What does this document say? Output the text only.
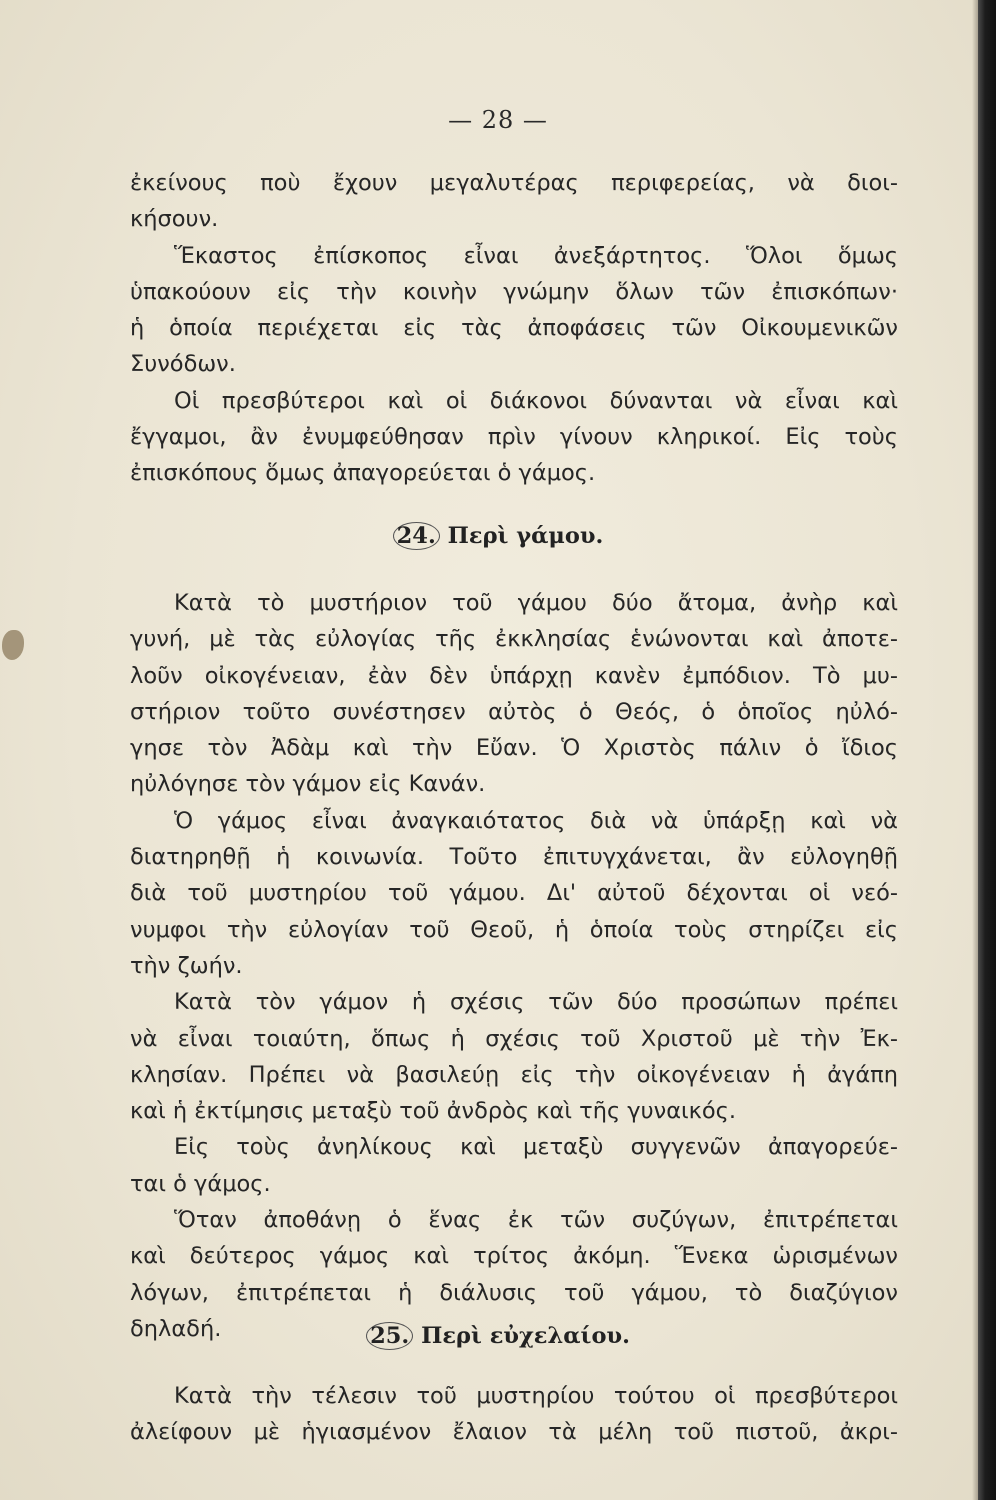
— 28 —
ἐκείνους ποὺ ἔχουν μεγαλυτέρας περιφερείας, νὰ διοι-
κήσουν.
Ἕκαστος ἐπίσκοπος εἶναι ἀνεξάρτητος. Ὅλοι ὅμως
ὑπακούουν εἰς τὴν κοινὴν γνώμην ὅλων τῶν ἐπισκόπων·
ἡ ὁποία περιέχεται εἰς τὰς ἀποφάσεις τῶν Οἰκουμενικῶν
Συνόδων.
Οἱ πρεσβύτεροι καὶ οἱ διάκονοι δύνανται νὰ εἶναι καὶ
ἔγγαμοι, ἂν ἐνυμφεύθησαν πρὶν γίνουν κληρικοί. Εἰς τοὺς
ἐπισκόπους ὅμως ἀπαγορεύεται ὁ γάμος.
24. Περὶ γάμου.
Κατὰ τὸ μυστήριον τοῦ γάμου δύο ἄτομα, ἀνὴρ καὶ
γυνή, μὲ τὰς εὐλογίας τῆς ἐκκλησίας ἑνώνονται καὶ ἀποτε-
λοῦν οἰκογένειαν, ἐὰν δὲν ὑπάρχῃ κανὲν ἐμπόδιον. Τὸ μυ-
στήριον τοῦτο συνέστησεν αὐτὸς ὁ Θεός, ὁ ὁποῖος ηὐλό-
γησε τὸν Ἀδὰμ καὶ τὴν Εὔαν. Ὁ Χριστὸς πάλιν ὁ ἴδιος
ηὐλόγησε τὸν γάμον εἰς Κανάν.
Ὁ γάμος εἶναι ἀναγκαιότατος διὰ νὰ ὑπάρξῃ καὶ νὰ
διατηρηθῇ ἡ κοινωνία. Τοῦτο ἐπιτυγχάνεται, ἂν εὐλογηθῇ
διὰ τοῦ μυστηρίου τοῦ γάμου. Δι' αὐτοῦ δέχονται οἱ νεό-
νυμφοι τὴν εὐλογίαν τοῦ Θεοῦ, ἡ ὁποία τοὺς στηρίζει εἰς
τὴν ζωήν.
Κατὰ τὸν γάμον ἡ σχέσις τῶν δύο προσώπων πρέπει
νὰ εἶναι τοιαύτη, ὅπως ἡ σχέσις τοῦ Χριστοῦ μὲ τὴν Ἐκ-
κλησίαν. Πρέπει νὰ βασιλεύῃ εἰς τὴν οἰκογένειαν ἡ ἀγάπη
καὶ ἡ ἐκτίμησις μεταξὺ τοῦ ἀνδρὸς καὶ τῆς γυναικός.
Εἰς τοὺς ἀνηλίκους καὶ μεταξὺ συγγενῶν ἀπαγορεύε-
ται ὁ γάμος.
Ὅταν ἀποθάνῃ ὁ ἕνας ἐκ τῶν συζύγων, ἐπιτρέπεται
καὶ δεύτερος γάμος καὶ τρίτος ἀκόμη. Ἕνεκα ὡρισμένων
λόγων, ἐπιτρέπεται ἡ διάλυσις τοῦ γάμου, τὸ διαζύγιον
δηλαδή.	25. Περὶ εὐχελαίου.
Κατὰ τὴν τέλεσιν τοῦ μυστηρίου τούτου οἱ πρεσβύτεροι
ἀλείφουν μὲ ἡγιασμένον ἔλαιον τὰ μέλη τοῦ πιστοῦ, ἀκρι-
